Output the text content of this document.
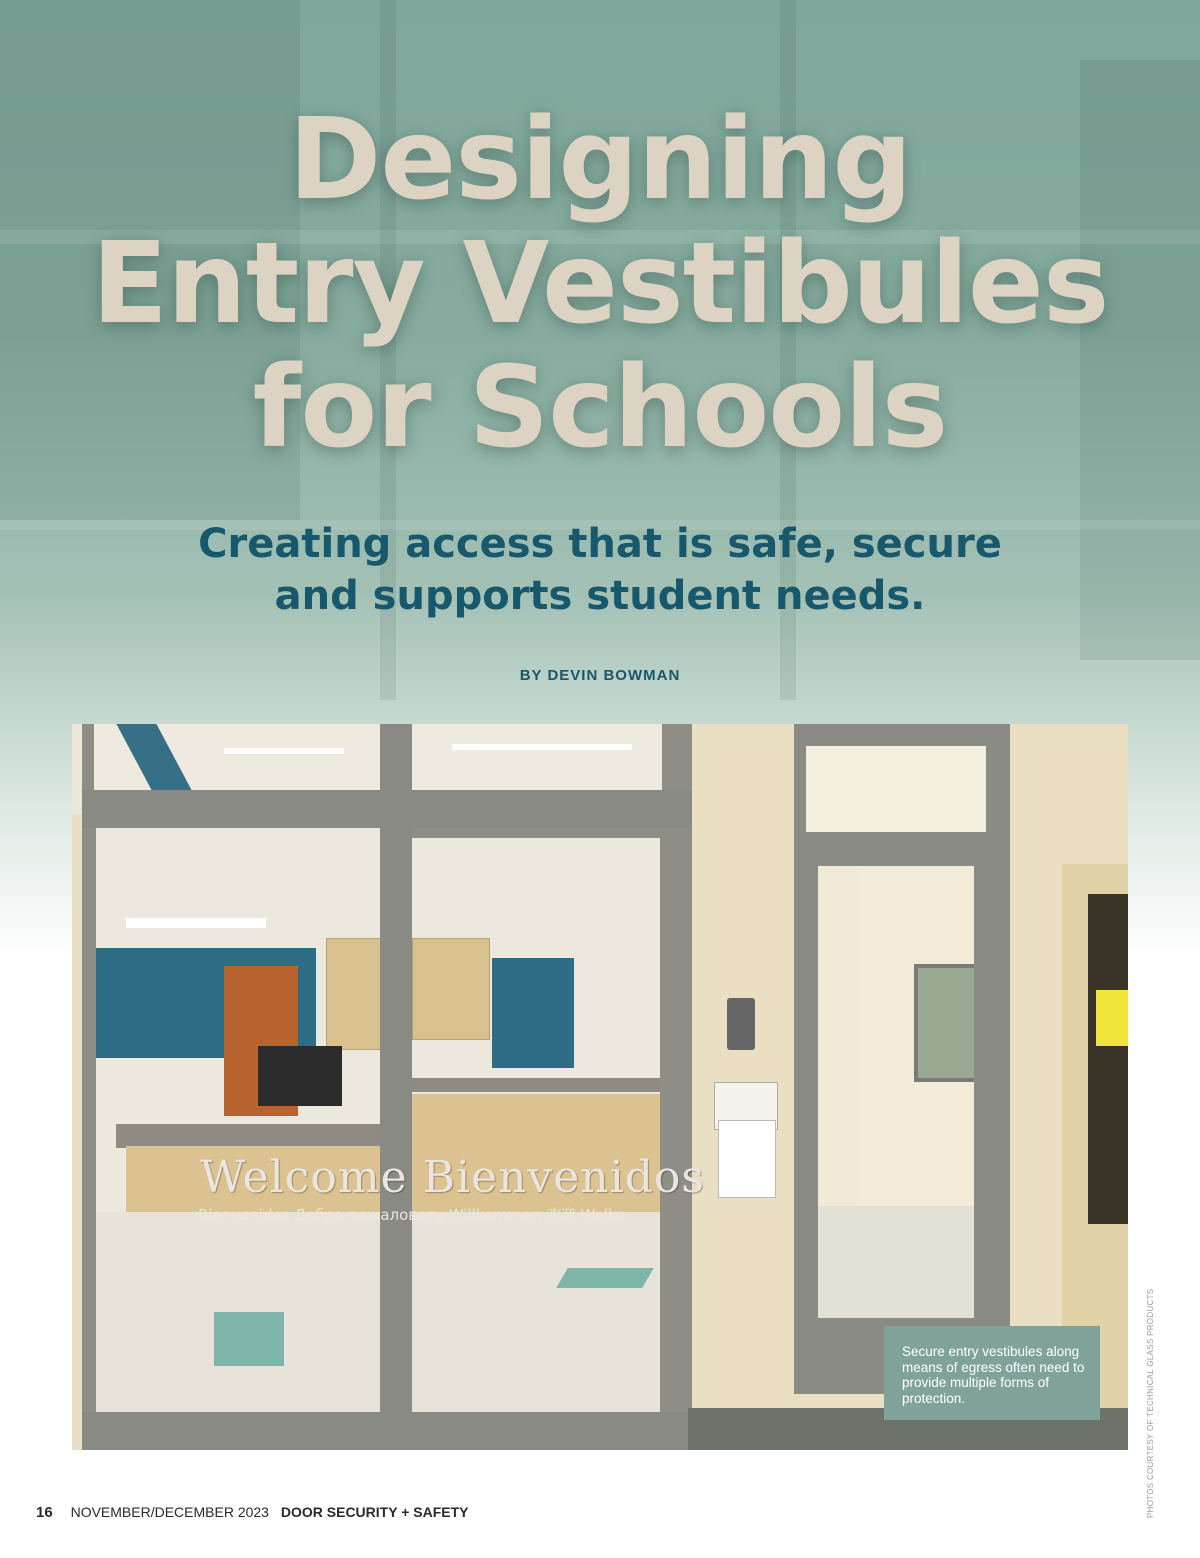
Designing
Entry Vestibules
for Schools
Creating access that is safe, secure
and supports student needs.
BY DEVIN BOWMAN
Welcome Bienvenidos
Bienvenidos Добро пожаловать Willkommen 欢迎 Welko
Secure entry vestibules along means of egress often need to provide multiple forms of protection.	PHOTOS COURTESY OF TECHNICAL GLASS PRODUCTS
16 NOVEMBER/DECEMBER 2023 DOOR SECURITY + SAFETY
